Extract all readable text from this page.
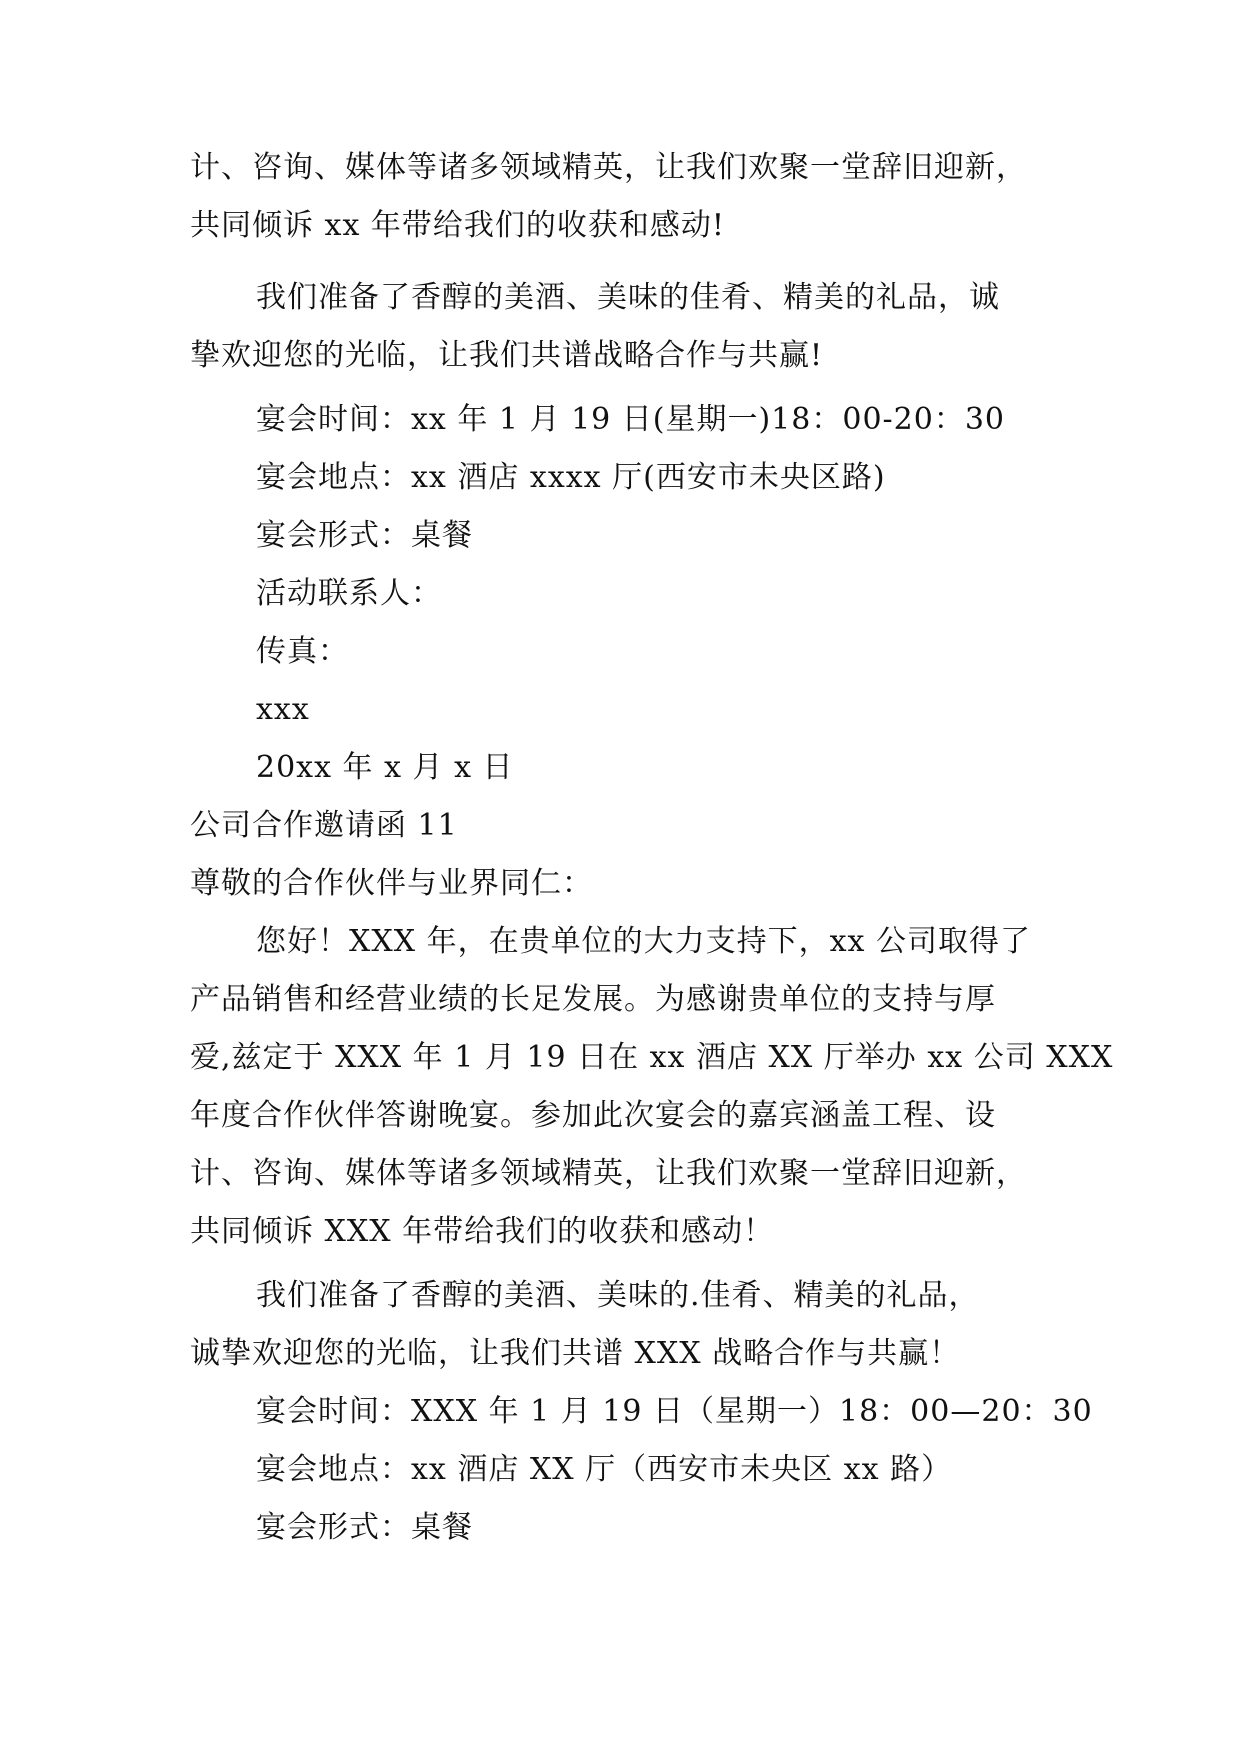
计、咨询、媒体等诸多领域精英，让我们欢聚一堂辞旧迎新，
共同倾诉 xx 年带给我们的收获和感动!
我们准备了香醇的美酒、美味的佳肴、精美的礼品，诚
挚欢迎您的光临，让我们共谱战略合作与共赢!
宴会时间：xx 年 1 月 19 日(星期一)18：00-20：30
宴会地点：xx 酒店 xxxx 厅(西安市未央区路)
宴会形式：桌餐
活动联系人：
传真：
xxx
20xx 年 x 月 x 日
公司合作邀请函 11
尊敬的合作伙伴与业界同仁：
您好！XXX 年，在贵单位的大力支持下，xx 公司取得了
产品销售和经营业绩的长足发展。为感谢贵单位的支持与厚
爱,兹定于 XXX 年 1 月 19 日在 xx 酒店 XX 厅举办 xx 公司 XXX
年度合作伙伴答谢晚宴。参加此次宴会的嘉宾涵盖工程、设
计、咨询、媒体等诸多领域精英，让我们欢聚一堂辞旧迎新，
共同倾诉 XXX 年带给我们的收获和感动！
我们准备了香醇的美酒、美味的.佳肴、精美的礼品，
诚挚欢迎您的光临，让我们共谱 XXX 战略合作与共赢！
宴会时间：XXX 年 1 月 19 日（星期一）18：00—20：30
宴会地点：xx 酒店 XX 厅（西安市未央区 xx 路）
宴会形式：桌餐
